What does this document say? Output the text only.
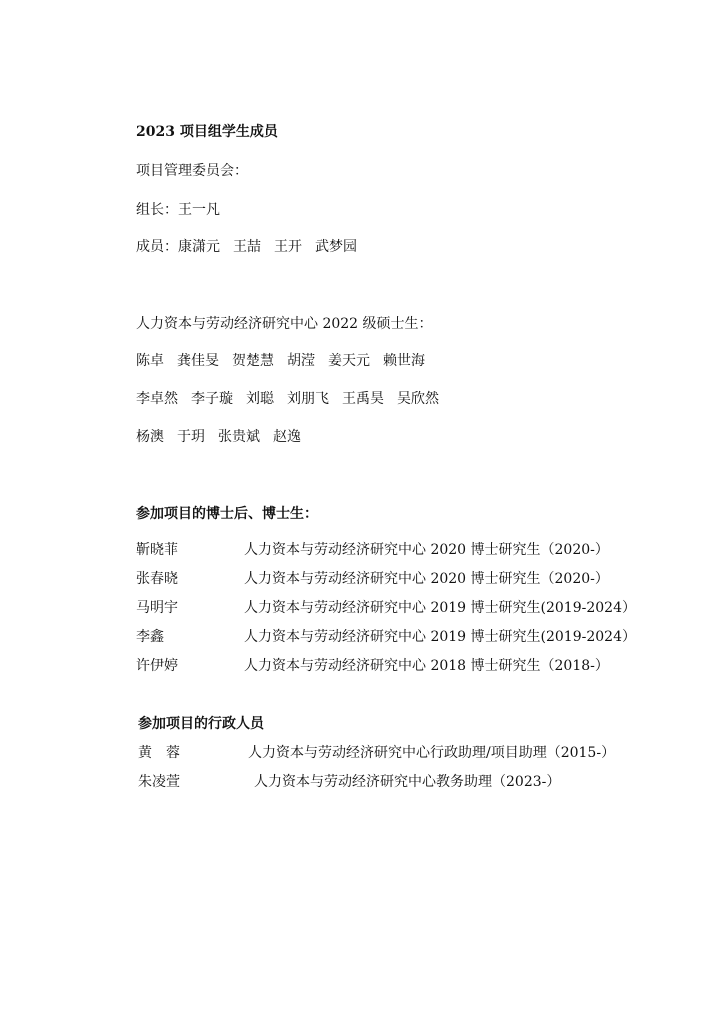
2023 项目组学生成员
项目管理委员会：
组长：王一凡
成员：康潇元 王喆 王开 武梦园
人力资本与劳动经济研究中心 2022 级硕士生：
陈卓 龚佳旻 贺楚慧 胡滢 姜天元 赖世海
李卓然 李子璇 刘聪 刘朋飞 王禹昊 吴欣然
杨澳 于玥 张贵斌 赵逸
参加项目的博士后、博士生：
靳晓菲	人力资本与劳动经济研究中心 2020 博士研究生（2020-）
张春晓	人力资本与劳动经济研究中心 2020 博士研究生（2020-）
马明宇	人力资本与劳动经济研究中心 2019 博士研究生(2019-2024）
李鑫	人力资本与劳动经济研究中心 2019 博士研究生(2019-2024）
许伊婷	人力资本与劳动经济研究中心 2018 博士研究生（2018-）
参加项目的行政人员
黄　蓉	人力资本与劳动经济研究中心行政助理/项目助理（2015-）
朱凌萱	人力资本与劳动经济研究中心教务助理（2023-）
